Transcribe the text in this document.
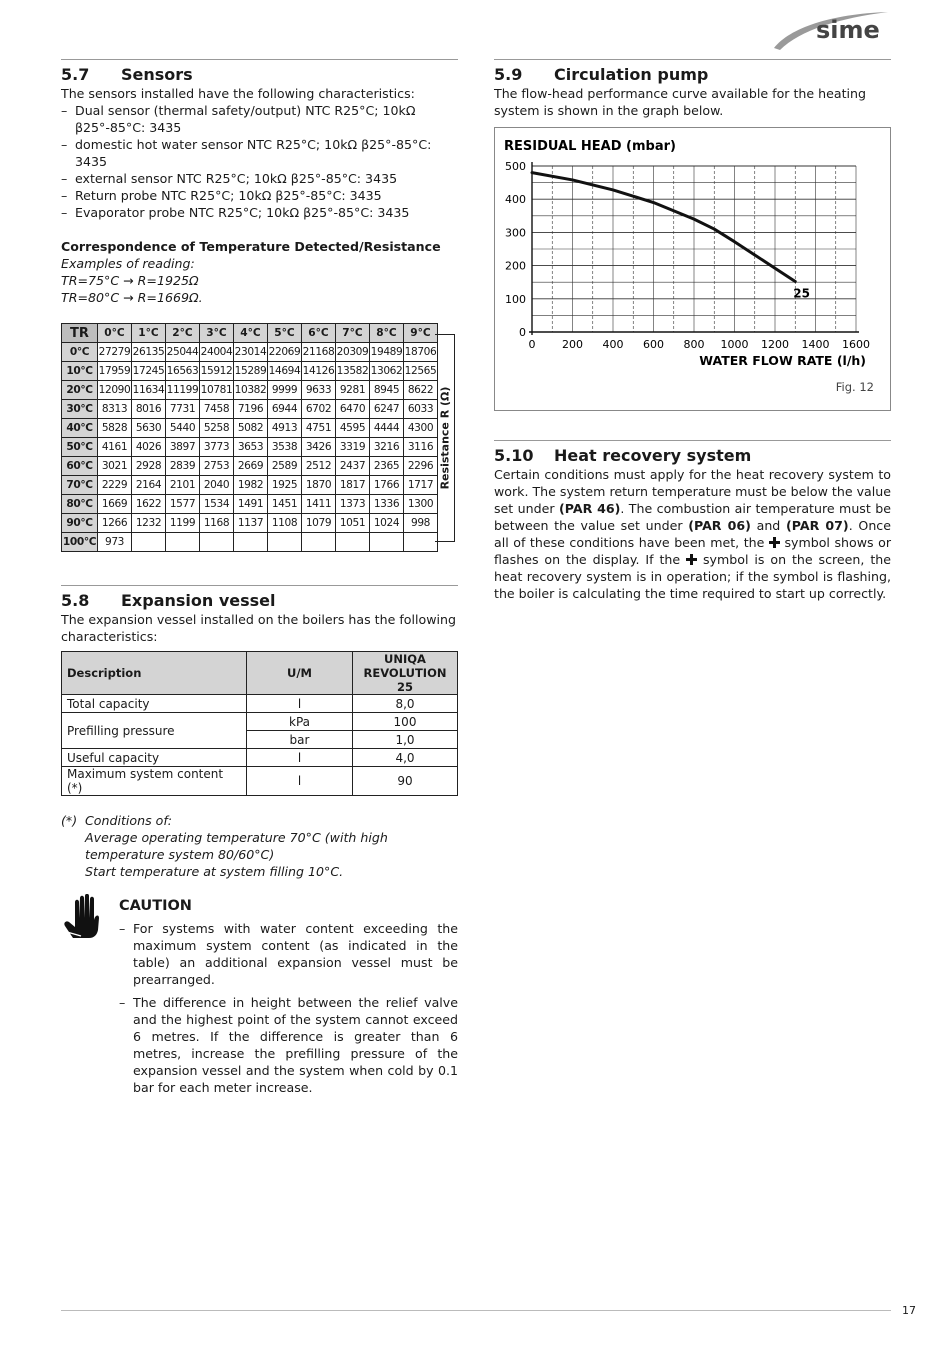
sime
5.7	Sensors

The sensors installed have the following characteristics:

– Dual sensor (thermal safety/output) NTC R25°C; 10kΩ β25°-85°C: 3435
– domestic hot water sensor NTC R25°C; 10kΩ β25°-85°C: 3435
– external sensor NTC R25°C; 10kΩ β25°-85°C: 3435
– Return probe NTC R25°C; 10kΩ β25°-85°C: 3435
– Evaporator probe NTC R25°C; 10kΩ β25°-85°C: 3435

Correspondence of Temperature Detected/Resistance

Examples of reading:

TR=75°C → R=1925Ω

TR=80°C → R=1669Ω.

TR	0°C	1°C	2°C	3°C	4°C	5°C	6°C	7°C	8°C	9°C
0°C	27279	26135	25044	24004	23014	22069	21168	20309	19489	18706
10°C	17959	17245	16563	15912	15289	14694	14126	13582	13062	12565
20°C	12090	11634	11199	10781	10382	9999	9633	9281	8945	8622
30°C	8313	8016	7731	7458	7196	6944	6702	6470	6247	6033
40°C	5828	5630	5440	5258	5082	4913	4751	4595	4444	4300
50°C	4161	4026	3897	3773	3653	3538	3426	3319	3216	3116
60°C	3021	2928	2839	2753	2669	2589	2512	2437	2365	2296
70°C	2229	2164	2101	2040	1982	1925	1870	1817	1766	1717
80°C	1669	1622	1577	1534	1491	1451	1411	1373	1336	1300
90°C	1266	1232	1199	1168	1137	1108	1079	1051	1024	998
100°C	973									
Resistance R (Ω)
5.8	Expansion vessel

The expansion vessel installed on the boilers has the following characteristics:

Description	U/M	UNIQA
REVOLUTION 25

Total capacity	l	8,0
Prefilling pressure	kPa	100
	bar	1,0
Useful capacity	l	4,0
Maximum system content (*)	l	90
(*) Conditions of:
Average operating temperature 70°C (with high temperature system 80/60°C)
Start temperature at system filling 10°C.
CAUTION
– For systems with water content exceeding the maximum system content (as indicated in the table) an additional expansion vessel must be prearranged.
– The difference in height between the relief valve and the highest point of the system cannot exceed 6 metres. If the difference is greater than 6 metres, increase the prefilling pressure of the expansion vessel and the system when cold by 0.1 bar for each meter increase.
5.9	Circulation pump

The flow-head performance curve available for the heating system is shown in the graph below.

RESIDUAL HEAD (mbar)
0
100
200
300
400
500
0 200 400 600 800 1000 1200 1400 1600
WATER FLOW RATE (l/h)
25
Fig. 12
5.10	Heat recovery system

Certain conditions must apply for the heat recovery system to work. The system return temperature must be below the value set under (PAR 46). The combustion air temperature must be between the value set under (PAR 06) and (PAR 07). Once all of these conditions have been met, the symbol shows or flashes on the display. If the symbol is on the screen, the heat recovery system is in operation; if the symbol is flashing, the boiler is calculating the time required to start up correctly.

17
